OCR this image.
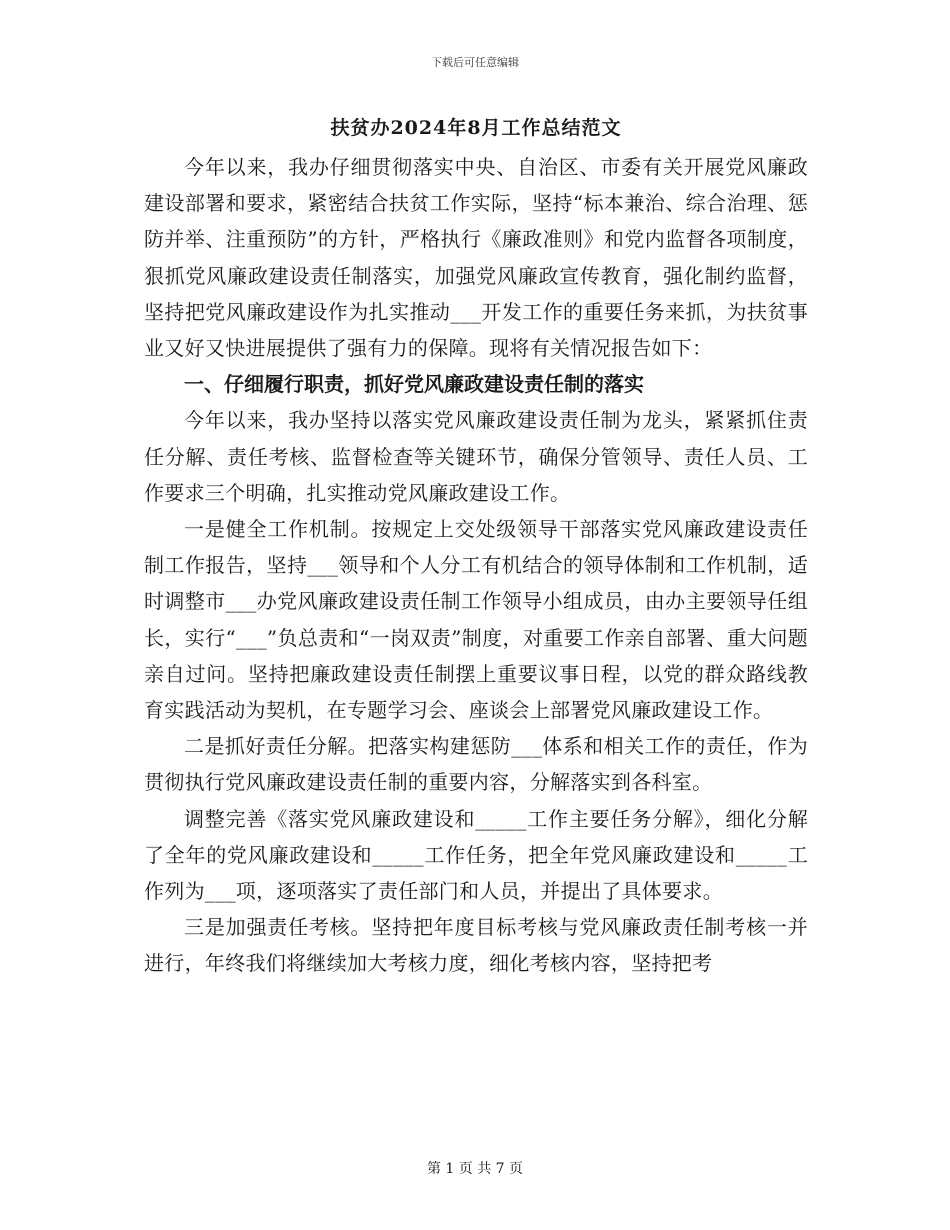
下载后可任意编辑
扶贫办2024年8月工作总结范文

今年以来，我办仔细贯彻落实中央、自治区、市委有关开展党风廉政建设部署和要求，紧密结合扶贫工作实际，坚持“标本兼治、综合治理、惩防并举、注重预防”的方针，严格执行《廉政准则》和党内监督各项制度，狠抓党风廉政建设责任制落实，加强党风廉政宣传教育，强化制约监督，坚持把党风廉政建设作为扎实推动___开发工作的重要任务来抓，为扶贫事业又好又快进展提供了强有力的保障。现将有关情况报告如下：

一、仔细履行职责，抓好党风廉政建设责任制的落实

今年以来，我办坚持以落实党风廉政建设责任制为龙头，紧紧抓住责任分解、责任考核、监督检查等关键环节，确保分管领导、责任人员、工作要求三个明确，扎实推动党风廉政建设工作。

一是健全工作机制。按规定上交处级领导干部落实党风廉政建设责任制工作报告，坚持___领导和个人分工有机结合的领导体制和工作机制，适时调整市___办党风廉政建设责任制工作领导小组成员，由办主要领导任组长，实行“___”负总责和“一岗双责”制度，对重要工作亲自部署、重大问题亲自过问。坚持把廉政建设责任制摆上重要议事日程，以党的群众路线教育实践活动为契机，在专题学习会、座谈会上部署党风廉政建设工作。

二是抓好责任分解。把落实构建惩防___体系和相关工作的责任，作为贯彻执行党风廉政建设责任制的重要内容，分解落实到各科室。

调整完善《落实党风廉政建设和_____工作主要任务分解》，细化分解了全年的党风廉政建设和_____工作任务，把全年党风廉政建设和_____工作列为___项，逐项落实了责任部门和人员，并提出了具体要求。

三是加强责任考核。坚持把年度目标考核与党风廉政责任制考核一并进行，年终我们将继续加大考核力度，细化考核内容，坚持把考

第 1 页 共 7 页
